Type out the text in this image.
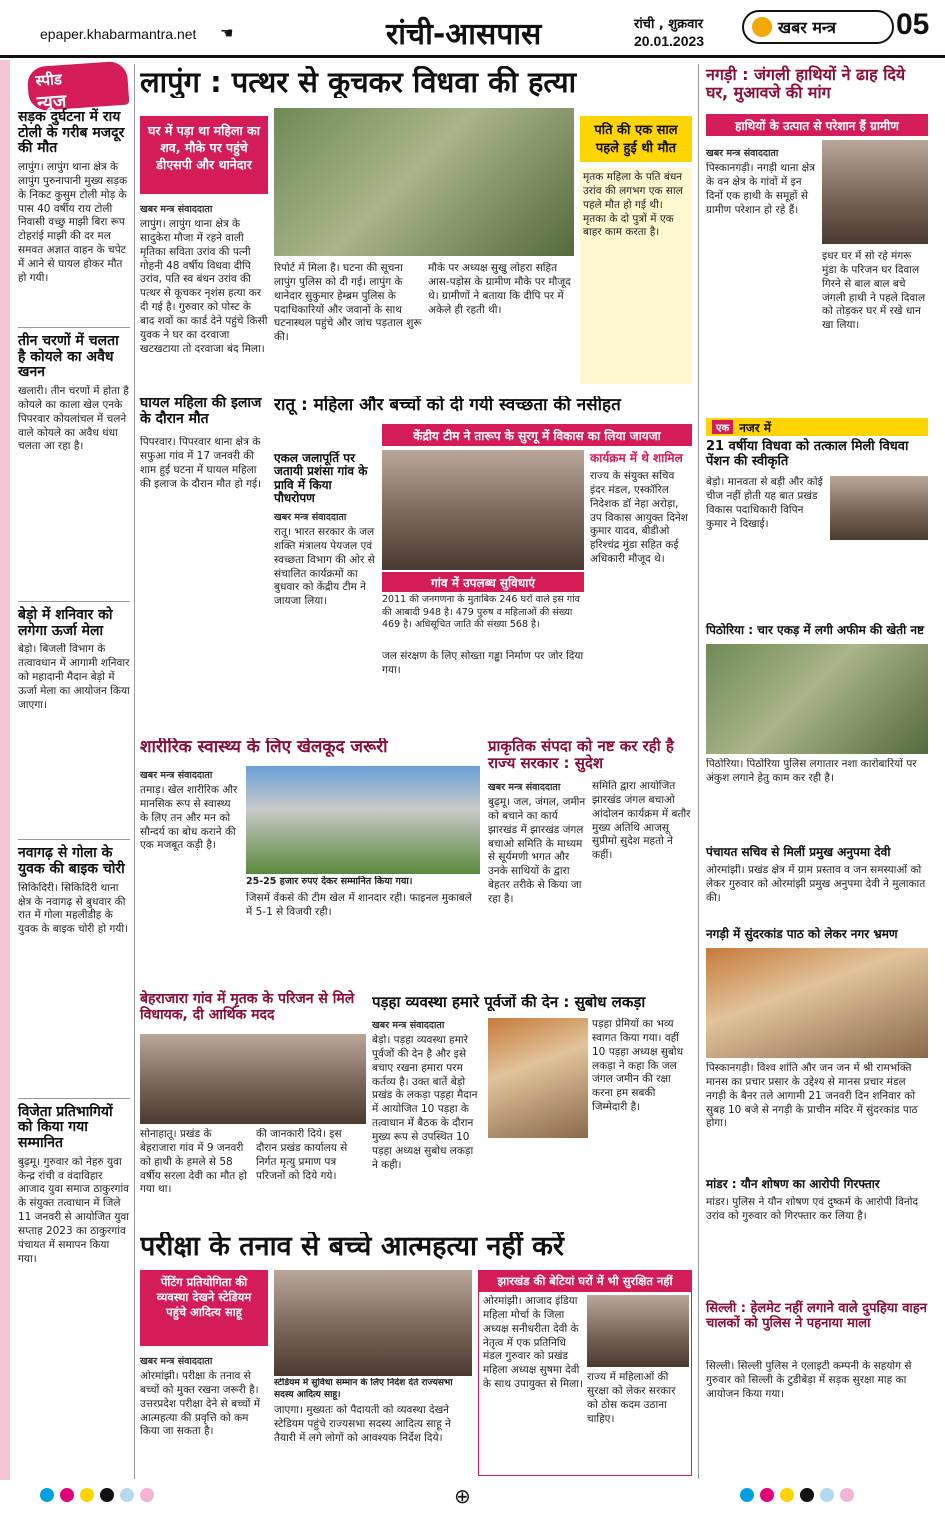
epaper.khabarmantra.net ☚	रांची-आसपास	रांची , शुक्रवार
20.01.2023
खबर मन्त्र 05
स्पीड
न्यूज
सड़क दुर्घटना में राय टोली के गरीब मजदूर की मौत

लापुंग। लापुंग थाना क्षेत्र के लापुंग पुरुनापानी मुख्य सड़क के निकट कुसुम टोली मोड़ के पास 40 वर्षीय राय टोली निवासी वच्छु माझी बिरा रूप टोहरांई माझी की दर मल समवत अज्ञात वाहन के चपेट में आने से घायल होकर मौत हो गयी।

तीन चरणों में चलता है कोयले का अवैध खनन

खलारी। तीन चरणों में होता है कोयले का काला खेल एनके पिपरवार कोयलांचल में चलने वाले कोयले का अवैध धंधा चलता आ रहा है।

बेड़ो में शनिवार को लगेगा ऊर्जा मेला

बेड़ो। बिजली विभाग के तत्वावधान में आगामी शनिवार को महादानी मैदान बेड़ो में ऊर्जा मेला का आयोजन किया जाएगा।

नवागढ़ से गोला के युवक की बाइक चोरी

सिकिदिरी। सिकिदिरी थाना क्षेत्र के नवागढ़ से बुधवार की रात में गोला महलीडीह के युवक के बाइक चोरी हो गयी।

विजेता प्रतिभागियों को किया गया सम्मानित

बुढ़मू। गुरुवार को नेहरु युवा केन्द्र रांची व वंदाविहार आजाद युवा समाज ठाकुरगांव के संयुक्त तत्वाधान में जिले 11 जनवरी से आयोजित युवा सप्ताह 2023 का ठाकुरगांव पंचायत में समापन किया गया।

लापुंग : पत्थर से कूचकर विधवा की हत्या
घर में पड़ा था महिला का शव, मौके पर पहुंचे डीएसपी और थानेदार
पति की एक साल पहले हुई थी मौत

मृतक महिला के पति बंधन उरांव की लगभग एक साल पहले मौत हो गई थी। मृतका के दो पुत्रों में एक बाहर काम करता है।

खबर मन्त्र संवाददाता

लापुंग। लापुंग थाना क्षेत्र के सादुकेरा मौजा में रहने वाली मृतिका सविता उरांव की पत्नी गोहनी 48 वर्षीय विधवा दीपि उरांव, पति स्व बंधन उरांव की पत्थर से कूचकर नृशंस हत्या कर दी गई है। गुरुवार को पोस्ट के बाद शवों का कार्ड देने पहुंचे किसी युवक ने घर का दरवाजा खटखटाया तो दरवाजा बंद मिला।

रिपोर्ट में मिला है। घटना की सूचना लापुंग पुलिस को दी गई। लापुंग के थानेदार सुकुमार हेम्ब्रम पुलिस के पदाधिकारियों और जवानों के साथ घटनास्थल पहुंचे और जांच पड़ताल शुरू की।

मौके पर अध्यक्ष सुखु लोहरा सहित आस-पड़ोस के ग्रामीण मौके पर मौजूद थे। ग्रामीणों ने बताया कि दीपि पर में अकेले ही रहती थी।

नगड़ी : जंगली हाथियों ने ढाह दिये घर, मुआवजे की मांग
हाथियों के उत्पात से परेशान हैं ग्रामीण
खबर मन्त्र संवाददाता

पिस्कानगड़ी। नगड़ी थाना क्षेत्र के वन क्षेत्र के गांवों में इन दिनों एक हाथी के समूहों से ग्रामीण परेशान हो रहे हैं।

इधर घर में सो रहे मंगरू मुंडा के परिजन घर दिवाल गिरने से बाल बाल बचे जंगली हाथी ने पहले दिवाल को तोड़कर घर में रखे धान खा लिया।

एक नजर में
21 वर्षीया विधवा को तत्काल मिली विधवा पेंशन की स्वीकृति

बेड़ो। मानवता से बड़ी और कोई चीज नहीं होती यह बात प्रखंड विकास पदाधिकारी विपिन कुमार ने दिखाई।

पिठोरिया : चार एकड़ में लगी अफीम की खेती नष्ट

पिठोरिया। पिठोरिया पुलिस लगातार नशा कारोबारियों पर अंकुश लगाने हेतु काम कर रही है।

पंचायत सचिव से मिलीं प्रमुख अनुपमा देवी

ओरमांझी। प्रखंड क्षेत्र में ग्राम प्रस्ताव व जन समस्याओं को लेकर गुरुवार को ओरमांझी प्रमुख अनुपमा देवी ने मुलाकात की।

नगड़ी में सुंदरकांड पाठ को लेकर नगर भ्रमण

पिस्कानगड़ी। विश्व शांति और जन जन में श्री रामभक्ति मानस का प्रचार प्रसार के उद्देश्य से मानस प्रचार मंडल नगड़ी के बैनर तले आगामी 21 जनवरी दिन शनिवार को सुबह 10 बजे से नगड़ी के प्राचीन मंदिर में सुंदरकांड पाठ होगा।

मांडर : यौन शोषण का आरोपी गिरफ्तार

मांडर। पुलिस ने यौन शोषण एवं दुष्कर्म के आरोपी विनोद उरांव को गुरुवार को गिरफ्तार कर लिया है।

सिल्ली : हेलमेट नहीं लगाने वाले दुपहिया वाहन चालकों को पुलिस ने पहनाया माला

सिल्ली। सिल्ली पुलिस ने एलाइटी कम्पनी के सहयोग से गुरुवार को सिल्ली के टुडीबेड़ा में सड़क सुरक्षा माह का आयोजन किया गया।

घायल महिला की इलाज के दौरान मौत

पिपरवार। पिपरवार थाना क्षेत्र के सफुआ गांव में 17 जनवरी की शाम हुई घटना में घायल महिला की इलाज के दौरान मौत हो गई।

रातू : महिला और बच्चों को दी गयी स्वच्छता की नसीहत
केंद्रीय टीम ने तारूप के सुरगू में विकास का लिया जायजा
एकल जलापूर्ति पर जतायी प्रशंसा गांव के प्रावि में किया पौधरोपण
खबर मन्त्र संवाददाता

रातू। भारत सरकार के जल शक्ति मंत्रालय पेयजल एवं स्वच्छता विभाग की ओर से संचालित कार्यक्रमों का बुधवार को केंद्रीय टीम ने जायजा लिया।

गांव में उपलब्ध सुविधाएं

2011 की जनगणना के मुताबिक 246 घरों वाले इस गांव की आबादी 948 है। 479 पुरुष व महिलाओं की संख्या 469 है। अधिसूचित जाति की संख्या 568 है।

कार्यक्रम में थे शामिल

राज्य के संयुक्त सचिव इंदर मंडल, एस्कॉरिल निदेशक डॉ नेहा अरोड़ा, उप विकास आयुक्त दिनेश कुमार यादव, बीडीओ हरिश्चंद्र मुंडा सहित कई अधिकारी मौजूद थे।

जल संरक्षण के लिए सोख्ता गड्ढा निर्माण पर जोर दिया गया।

शारीरिक स्वास्थ्य के लिए खेलकूद जरूरी
खबर मन्त्र संवाददाता

तमाड़। खेल शारीरिक और मानसिक रूप से स्वास्थ्य के लिए तन और मन को सौन्दर्य का बोध कराने की एक मजबूत कड़ी है।

25-25 हजार रुपए देकर सम्मानित किया गया।

जिसमें वेंकसे की टीम खेल में शानदार रही। फाइनल मुकाबले में 5-1 से विजयी रही।

प्राकृतिक संपदा को नष्ट कर रही है राज्य सरकार : सुदेश
खबर मन्त्र संवाददाता

बुढ़मू। जल, जंगल, जमीन को बचाने का कार्य झारखंड में झारखंड जंगल बचाओ समिति के माध्यम से सूर्यमणी भगत और उनके साथियों के द्वारा बेहतर तरीके से किया जा रहा है।

समिति द्वारा आयोजित झारखंड जंगल बचाओ आंदोलन कार्यक्रम में बतौर मुख्य अतिथि आजसू सुप्रीमो सुदेश महतो ने कहीं।

बेहराजारा गांव में मृतक के परिजन से मिले विधायक, दी आर्थिक मदद

सोनाहातू। प्रखंड के बेहराजारा गांव में 9 जनवरी को हाथी के हमले से 58 वर्षीय सरला देवी का मौत हो गया था।

की जानकारी दिये। इस दौरान प्रखंड कार्यालय से निर्गत मृत्यु प्रमाण पत्र परिजनों को दिये गये।

पड़हा व्यवस्था हमारे पूर्वजों की देन : सुबोध लकड़ा
खबर मन्त्र संवाददाता

बेड़ो। पड़हा व्यवस्था हमारे पूर्वजों की देन है और इसे बचाए रखना हमारा परम कर्तव्य है। उक्त बातें बेड़ो प्रखंड के लकड़ा पड़हा मैदान में आयोजित 10 पड़हा के तत्वाधान में बैठक के दौरान मुख्य रूप से उपस्थित 10 पड़हा अध्यक्ष सुबोध लकड़ा ने कही।

पड़हा प्रेमियों का भव्य स्वागत किया गया। वहीं 10 पड़हा अध्यक्ष सुबोध लकड़ा ने कहा कि जल जंगल जमीन की रक्षा करना हम सबकी जिम्मेदारी है।

परीक्षा के तनाव से बच्चे आत्महत्या नहीं करें
पेंटिंग प्रतियोगिता की व्यवस्था देखने स्टेडियम पहुंचे आदित्य साहू
खबर मन्त्र संवाददाता

ओरमांझी। परीक्षा के तनाव से बच्चों को मुक्त रखना जरूरी है। उत्तरप्रदेश परीक्षा देने से बच्चों में आत्महत्या की प्रवृत्ति को कम किया जा सकता है।

स्टेडियम में सुविधा सम्मान के लिए निर्देश देते राज्यसभा सदस्य आदित्य साहू।

जाएगा। मुख्यतः को पैदायती को व्यवस्था देखने स्टेडियम पहुंचे राज्यसभा सदस्य आदित्य साहू ने तैयारी में लगे लोगों को आवश्यक निर्देश दिये।

झारखंड की बेटियां घरों में भी सुरक्षित नहीं

ओरमांझी। आजाद इंडिया महिला मोर्चा के जिला अध्यक्ष सनीधरीता देवी के नेतृत्व में एक प्रतिनिधि मंडल गुरुवार को प्रखंड महिला अध्यक्ष सुषमा देवी के साथ उपायुक्त से मिला।

राज्य में महिलाओं की सुरक्षा को लेकर सरकार को ठोस कदम उठाना चाहिए।

⊕
